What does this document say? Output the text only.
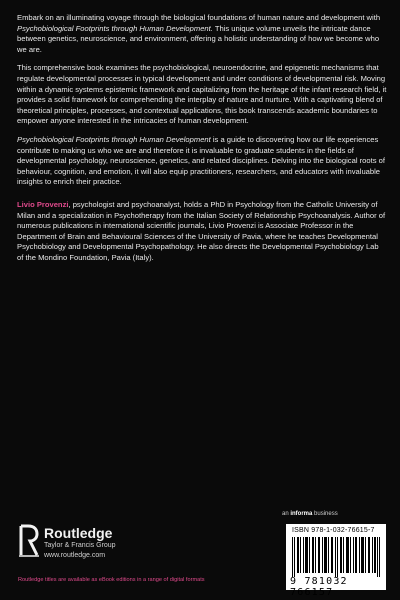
Embark on an illuminating voyage through the biological foundations of human nature and development with Psychobiological Footprints through Human Development. This unique volume unveils the intricate dance between genetics, neuroscience, and environment, offering a holistic understanding of how we become who we are.

This comprehensive book examines the psychobiological, neuroendocrine, and epigenetic mechanisms that regulate developmental processes in typical development and under conditions of developmental risk. Moving within a dynamic systems epistemic framework and capitalizing from the heritage of the infant research field, it provides a solid framework for comprehending the interplay of nature and nurture. With a captivating blend of theoretical principles, processes, and contextual applications, this book transcends academic boundaries to empower anyone interested in the intricacies of human development.

Psychobiological Footprints through Human Development is a guide to discovering how our life experiences contribute to making us who we are and therefore it is invaluable to graduate students in the fields of developmental psychology, neuroscience, genetics, and related disciplines. Delving into the biological roots of behaviour, cognition, and emotion, it will also equip practitioners, researchers, and educators with invaluable insights to enrich their practice.

Livio Provenzi, psychologist and psychoanalyst, holds a PhD in Psychology from the Catholic University of Milan and a specialization in Psychotherapy from the Italian Society of Relationship Psychoanalysis. Author of numerous publications in international scientific journals, Livio Provenzi is Associate Professor in the Department of Brain and Behavioural Sciences of the University of Pavia, where he teaches Developmental Psychobiology and Developmental Psychopathology. He also directs the Developmental Psychobiology Lab of the Mondino Foundation, Pavia (Italy).

an informa business
Routledge
Taylor & Francis Group
www.routledge.com
ISBN 978-1-032-76615-7
9 781032 766157
Routledge titles are available as eBook editions in a range of digital formats
